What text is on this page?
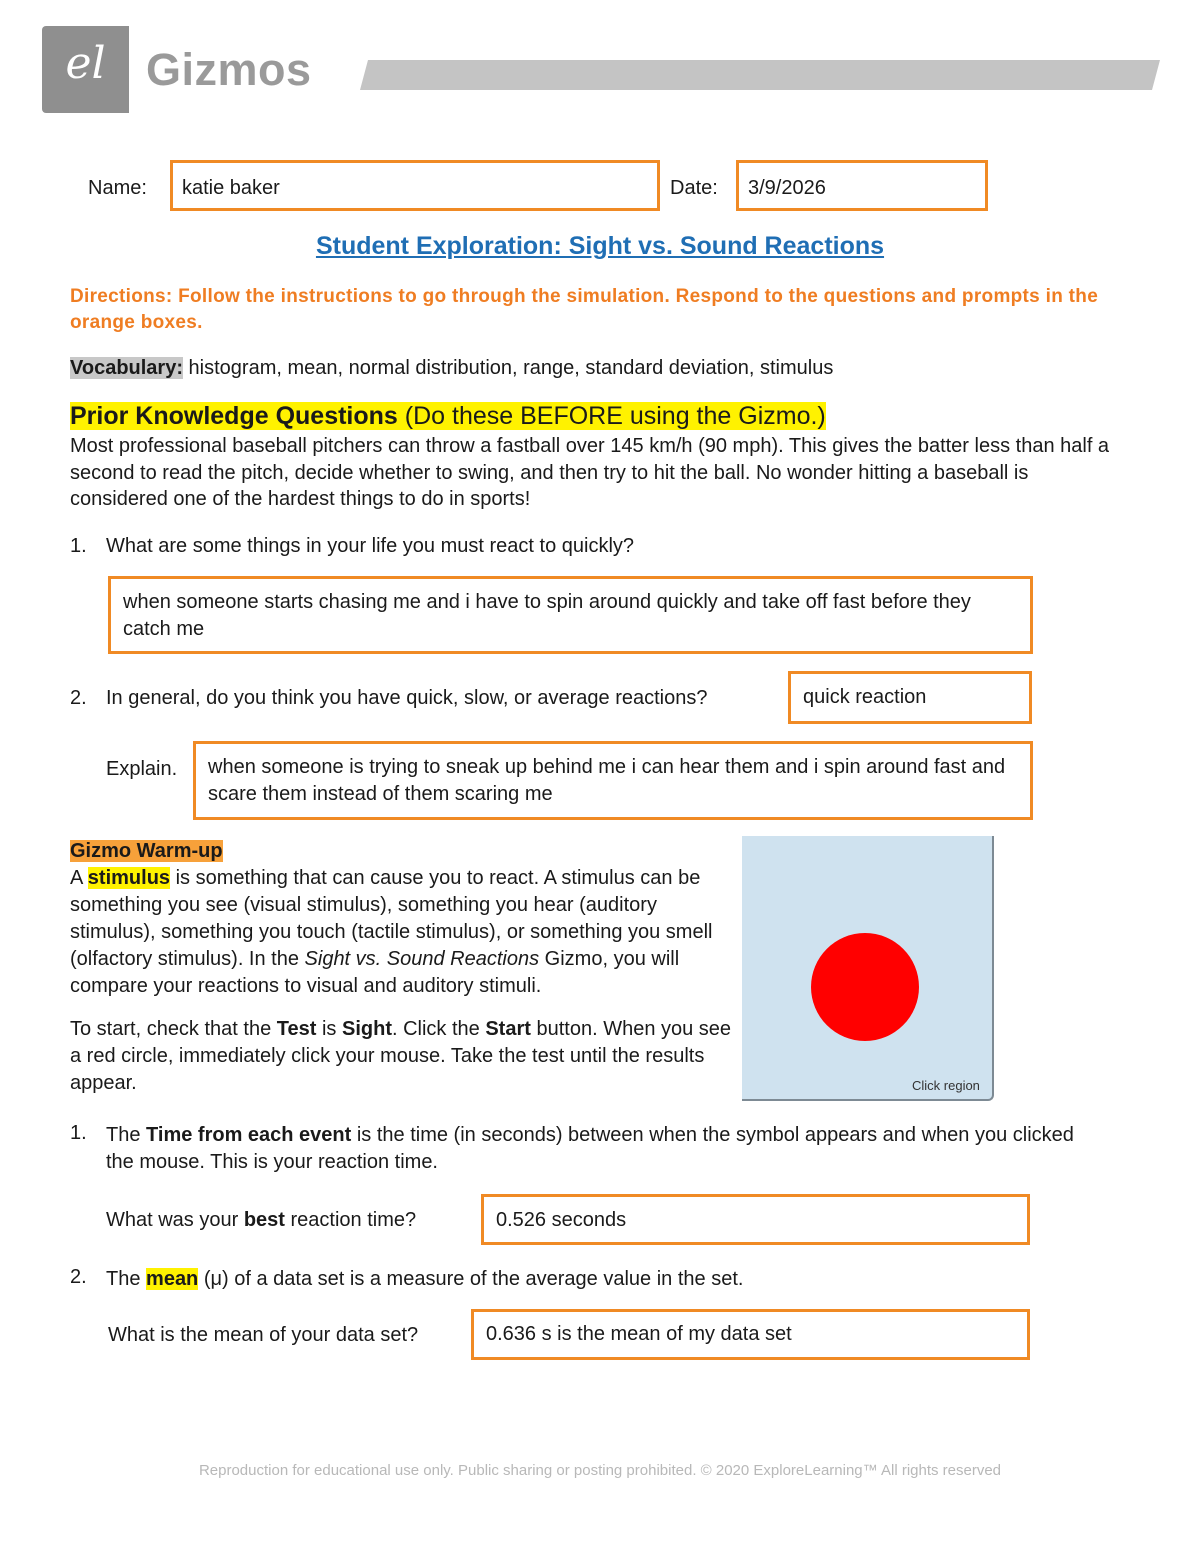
el Gizmos
Name: katie baker	Date: 3/9/2026
Student Exploration: Sight vs. Sound Reactions
Directions: Follow the instructions to go through the simulation. Respond to the questions and prompts in the orange boxes.
Vocabulary: histogram, mean, normal distribution, range, standard deviation, stimulus
Prior Knowledge Questions (Do these BEFORE using the Gizmo.)
Most professional baseball pitchers can throw a fastball over 145 km/h (90 mph). This gives the batter less than half a second to read the pitch, decide whether to swing, and then try to hit the ball. No wonder hitting a baseball is considered one of the hardest things to do in sports!
1. What are some things in your life you must react to quickly?
when someone starts chasing me and i have to spin around quickly and take off fast before they catch me
2. In general, do you think you have quick, slow, or average reactions?	quick reaction
Explain.	when someone is trying to sneak up behind me i can hear them and i spin around fast and scare them instead of them scaring me
Gizmo Warm-up
A stimulus is something that can cause you to react. A stimulus can be something you see (visual stimulus), something you hear (auditory stimulus), something you touch (tactile stimulus), or something you smell (olfactory stimulus). In the Sight vs. Sound Reactions Gizmo, you will compare your reactions to visual and auditory stimuli.
To start, check that the Test is Sight. Click the Start button. When you see a red circle, immediately click your mouse. Take the test until the results appear.	Click region
1. The Time from each event is the time (in seconds) between when the symbol appears and when you clicked the mouse. This is your reaction time.
What was your best reaction time?	0.526 seconds
2. The mean (μ) of a data set is a measure of the average value in the set.
What is the mean of your data set?	0.636 s is the mean of my data set
Reproduction for educational use only. Public sharing or posting prohibited. © 2020 ExploreLearning™ All rights reserved
